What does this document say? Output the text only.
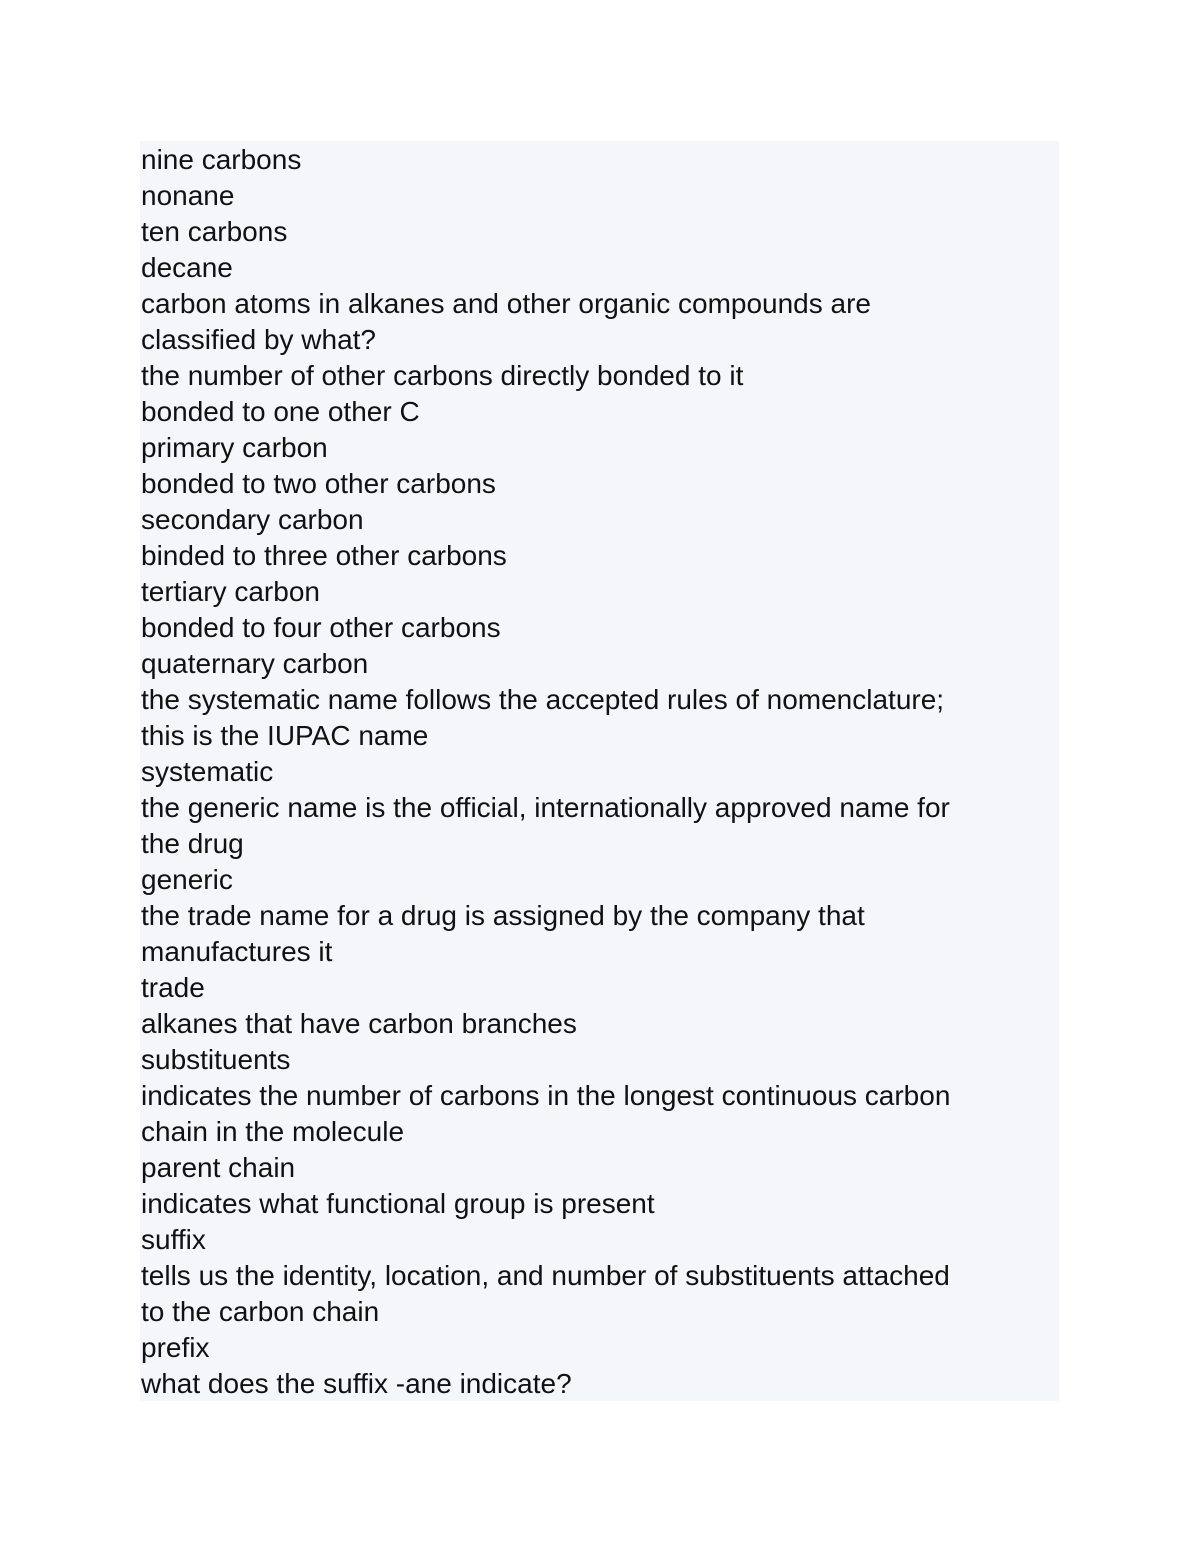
nine carbons
nonane
ten carbons
decane
carbon atoms in alkanes and other organic compounds are
classified by what?
the number of other carbons directly bonded to it
bonded to one other C
primary carbon
bonded to two other carbons
secondary carbon
binded to three other carbons
tertiary carbon
bonded to four other carbons
quaternary carbon
the systematic name follows the accepted rules of nomenclature;
this is the IUPAC name
systematic
the generic name is the official, internationally approved name for
the drug
generic
the trade name for a drug is assigned by the company that
manufactures it
trade
alkanes that have carbon branches
substituents
indicates the number of carbons in the longest continuous carbon
chain in the molecule
parent chain
indicates what functional group is present
suffix
tells us the identity, location, and number of substituents attached
to the carbon chain
prefix
what does the suffix -ane indicate?
